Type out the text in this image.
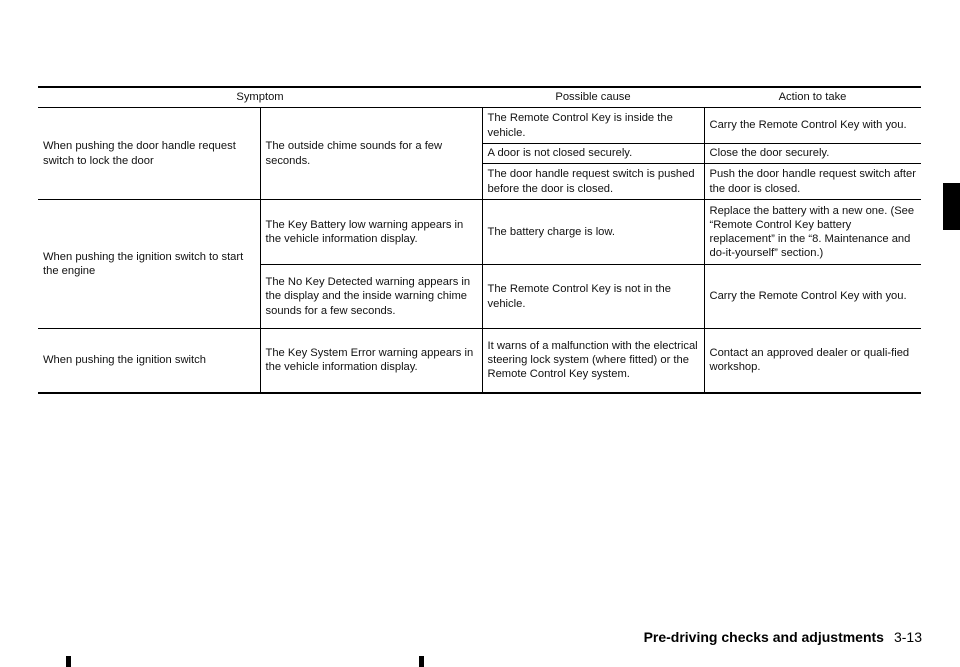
Symptom		Possible cause	Action to take
When pushing the door handle request switch to lock the door	The outside chime sounds for a few seconds.	The Remote Control Key is inside the vehicle.	Carry the Remote Control Key with you.
		A door is not closed securely.	Close the door securely.
		The door handle request switch is pushed before the door is closed.	Push the door handle request switch after the door is closed.
When pushing the ignition switch to start the engine	The Key Battery low warning appears in the vehicle information display.	The battery charge is low.	Replace the battery with a new one. (See “Remote Control Key battery replacement” in the “8. Maintenance and do-it-yourself” section.)
	The No Key Detected warning appears in the display and the inside warning chime sounds for a few seconds.	The Remote Control Key is not in the vehicle.	Carry the Remote Control Key with you.
When pushing the ignition switch	The Key System Error warning appears in the vehicle information display.	It warns of a malfunction with the electrical steering lock system (where fitted) or the Remote Control Key system.	Contact an approved dealer or quali-fied workshop.
Pre-driving checks and adjustments 3-13
